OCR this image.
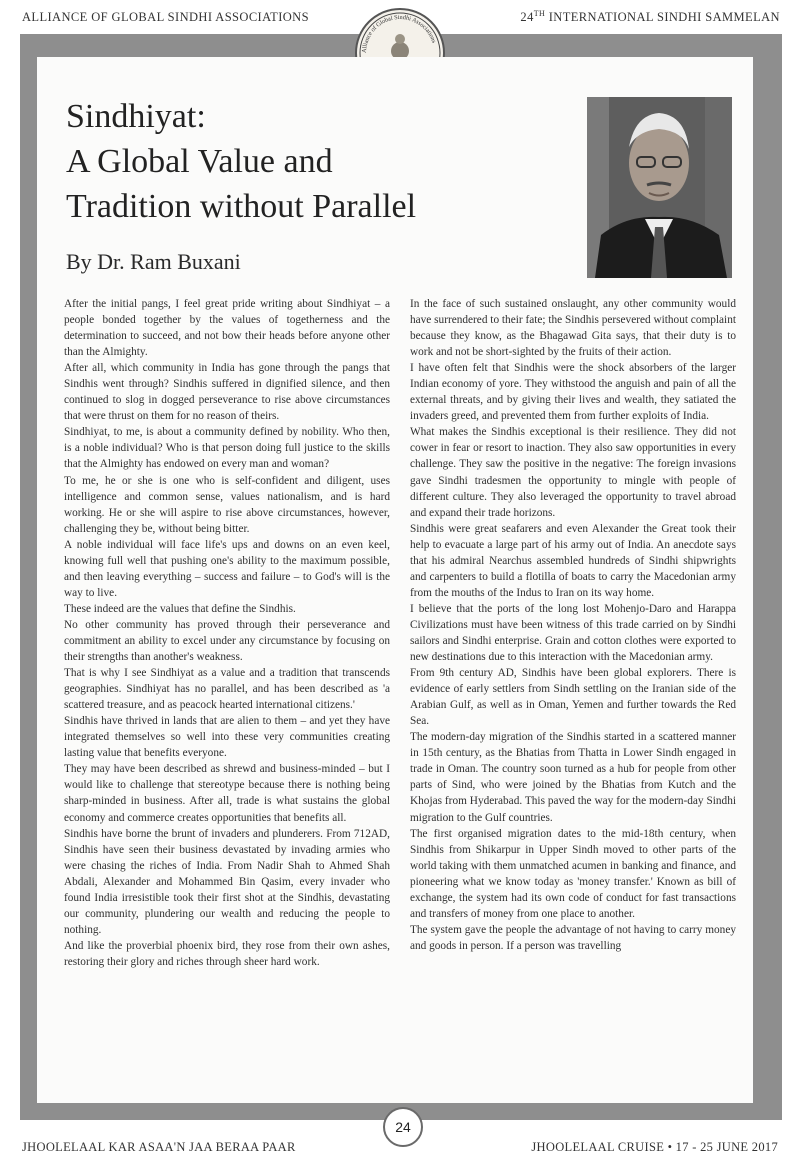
ALLIANCE OF GLOBAL SINDHI ASSOCIATIONS	24TH INTERNATIONAL SINDHI SAMMELAN
Alliance of Global Sindhi Associations
Sindhiyat:
A Global Value and
Tradition without Parallel

By Dr. Ram Buxani

After the initial pangs, I feel great pride writing about Sindhiyat – a people bonded together by the values of togetherness and the determination to succeed, and not bow their heads before anyone other than the Almighty.

After all, which community in India has gone through the pangs that Sindhis went through? Sindhis suffered in dignified silence, and then continued to slog in dogged perseverance to rise above circumstances that were thrust on them for no reason of theirs.

Sindhiyat, to me, is about a community defined by nobility. Who then, is a noble individual? Who is that person doing full justice to the skills that the Almighty has endowed on every man and woman?

To me, he or she is one who is self-confident and diligent, uses intelligence and common sense, values nationalism, and is hard working. He or she will aspire to rise above circumstances, however, challenging they be, without being bitter.

A noble individual will face life's ups and downs on an even keel, knowing full well that pushing one's ability to the maximum possible, and then leaving everything – success and failure – to God's will is the way to live.

These indeed are the values that define the Sindhis.

No other community has proved through their perseverance and commitment an ability to excel under any circumstance by focusing on their strengths than another's weakness.

That is why I see Sindhiyat as a value and a tradition that transcends geographies. Sindhiyat has no parallel, and has been described as 'a scattered treasure, and as peacock hearted international citizens.'

Sindhis have thrived in lands that are alien to them – and yet they have integrated themselves so well into these very communities creating lasting value that benefits everyone.

They may have been described as shrewd and business-minded – but I would like to challenge that stereotype because there is nothing being sharp-minded in business. After all, trade is what sustains the global economy and commerce creates opportunities that benefits all.

Sindhis have borne the brunt of invaders and plunderers. From 712AD, Sindhis have seen their business devastated by invading armies who were chasing the riches of India. From Nadir Shah to Ahmed Shah Abdali, Alexander and Mohammed Bin Qasim, every invader who found India irresistible took their first shot at the Sindhis, devastating our community, plundering our wealth and reducing the people to nothing.

And like the proverbial phoenix bird, they rose from their own ashes, restoring their glory and riches through sheer hard work.

In the face of such sustained onslaught, any other community would have surrendered to their fate; the Sindhis persevered without complaint because they know, as the Bhagawad Gita says, that their duty is to work and not be short-sighted by the fruits of their action.

I have often felt that Sindhis were the shock absorbers of the larger Indian economy of yore. They withstood the anguish and pain of all the external threats, and by giving their lives and wealth, they satiated the invaders greed, and prevented them from further exploits of India.

What makes the Sindhis exceptional is their resilience. They did not cower in fear or resort to inaction. They also saw opportunities in every challenge. They saw the positive in the negative: The foreign invasions gave Sindhi tradesmen the opportunity to mingle with people of different culture. They also leveraged the opportunity to travel abroad and expand their trade horizons.

Sindhis were great seafarers and even Alexander the Great took their help to evacuate a large part of his army out of India. An anecdote says that his admiral Nearchus assembled hundreds of Sindhi shipwrights and carpenters to build a flotilla of boats to carry the Macedonian army from the mouths of the Indus to Iran on its way home.

I believe that the ports of the long lost Mohenjo-Daro and Harappa Civilizations must have been witness of this trade carried on by Sindhi sailors and Sindhi enterprise. Grain and cotton clothes were exported to new destinations due to this interaction with the Macedonian army.

From 9th century AD, Sindhis have been global explorers. There is evidence of early settlers from Sindh settling on the Iranian side of the Arabian Gulf, as well as in Oman, Yemen and further towards the Red Sea.

The modern-day migration of the Sindhis started in a scattered manner in 15th century, as the Bhatias from Thatta in Lower Sindh engaged in trade in Oman. The country soon turned as a hub for people from other parts of Sind, who were joined by the Bhatias from Kutch and the Khojas from Hyderabad. This paved the way for the modern-day Sindhi migration to the Gulf countries.

The first organised migration dates to the mid-18th century, when Sindhis from Shikarpur in Upper Sindh moved to other parts of the world taking with them unmatched acumen in banking and finance, and pioneering what we know today as 'money transfer.' Known as bill of exchange, the system had its own code of conduct for fast transactions and transfers of money from one place to another.

The system gave the people the advantage of not having to carry money and goods in person. If a person was travelling

24
JHOOLELAAL KAR ASAA'N JAA BERAA PAAR	JHOOLELAAL CRUISE • 17 - 25 JUNE 2017
